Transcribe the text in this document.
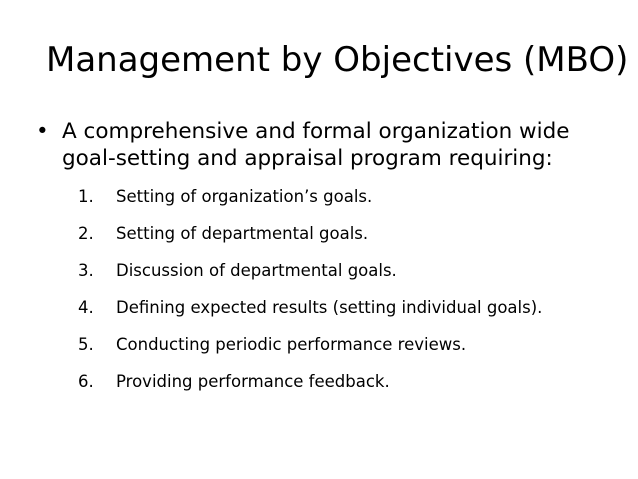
Management by Objectives (MBO)
• A comprehensive and formal organization wide goal-setting and appraisal program requiring:
1. Setting of organization’s goals.
2. Setting of departmental goals.
3. Discussion of departmental goals.
4. Defining expected results (setting individual goals).
5. Conducting periodic performance reviews.
6. Providing performance feedback.
